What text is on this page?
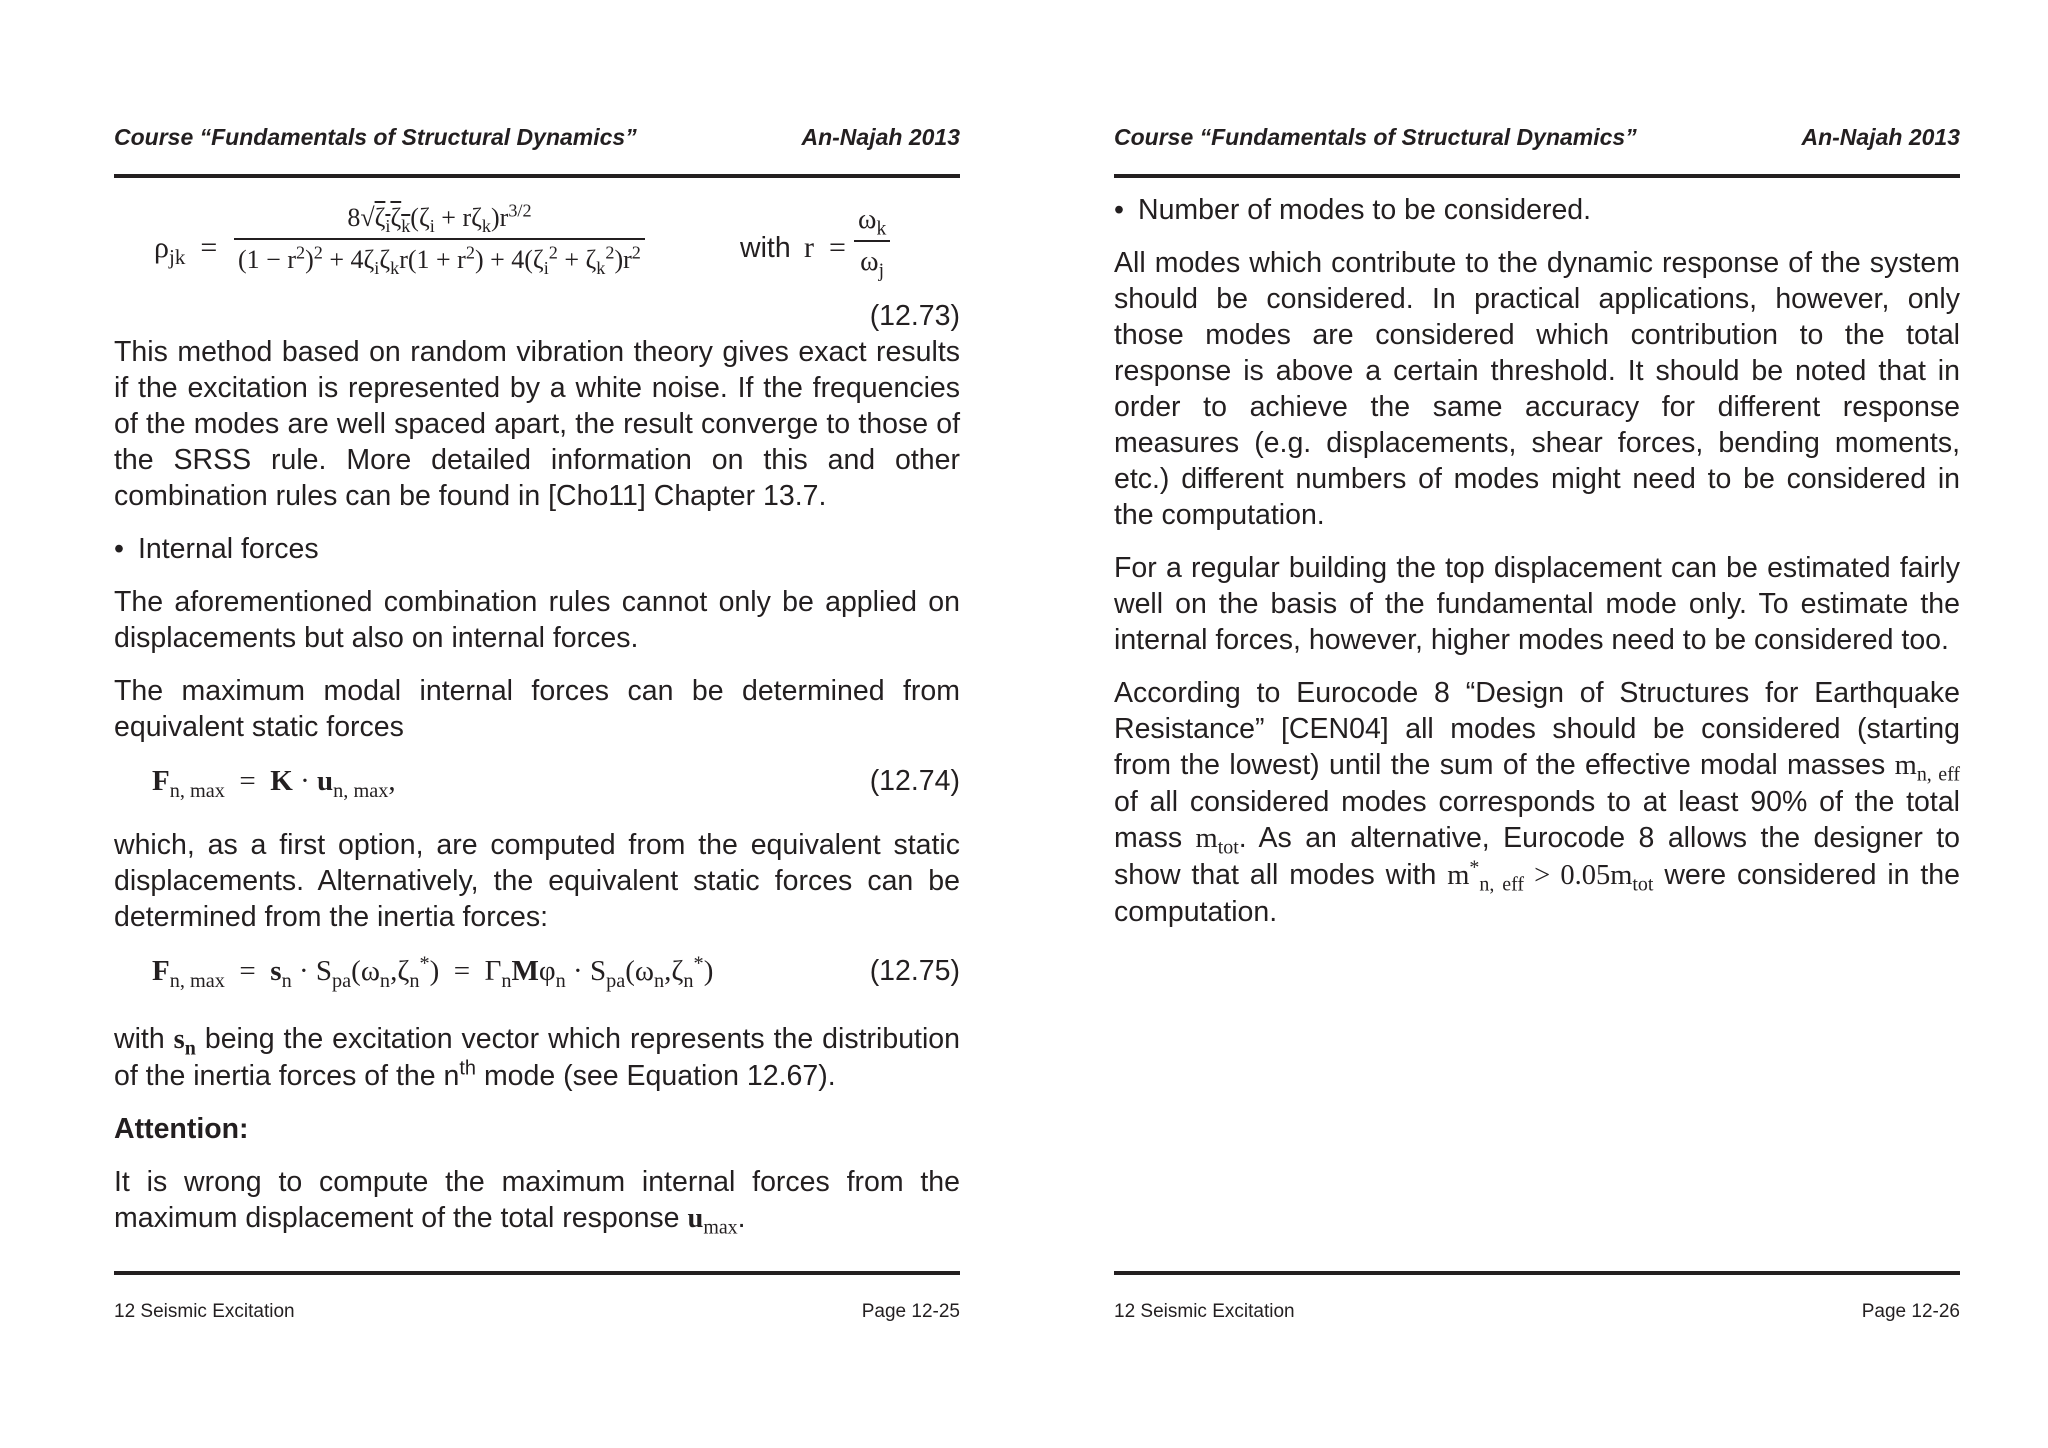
Course “Fundamentals of Structural Dynamics”	An-Najah 2013
$\rho_{jk}$  =
$8√\zeta_i\zeta_k(\zeta_i + r\zeta_k)r^{3/2}$
$(1 - r^2)^2 + 4\zeta_i\zeta_kr(1 + r^2) + 4(\zeta_i^2 + \zeta_k^2)r^2$	with $r = \frac{\omega_k}{\omega_j}$
(12.73)

This method based on random vibration theory gives exact results if the excitation is represented by a white noise. If the frequencies of the modes are well spaced apart, the result converge to those of the SRSS rule. More detailed information on this and other combination rules can be found in [Cho11] Chapter 13.7.

• Internal forces

The aforementioned combination rules cannot only be applied on displacements but also on internal forces.

The maximum modal internal forces can be determined from equivalent static forces

$F_{n, max} = K \cdot u_{n, max}$,	(12.74)

which, as a first option, are computed from the equivalent static displacements. Alternatively, the equivalent static forces can be determined from the inertia forces:

$F_{n, max} = s_n \cdot S_{pa}(\omega_n,\zeta_n^*) = \Gamma_nM\varphi_n \cdot S_{pa}(\omega_n,\zeta_n^*)$	(12.75)

with $s_n$ being the excitation vector which represents the distribution of the inertia forces of the $n^{th}$ mode (see Equation 12.67).

Attention:

It is wrong to compute the maximum internal forces from the maximum displacement of the total response $u_{max}$.

12 Seismic Excitation	Page 12-25
Course “Fundamentals of Structural Dynamics”	An-Najah 2013
• Number of modes to be considered.

All modes which contribute to the dynamic response of the system should be considered. In practical applications, however, only those modes are considered which contribution to the total response is above a certain threshold. It should be noted that in order to achieve the same accuracy for different response measures (e.g. displacements, shear forces, bending moments, etc.) different numbers of modes might need to be considered in the computation.

For a regular building the top displacement can be estimated fairly well on the basis of the fundamental mode only. To estimate the internal forces, however, higher modes need to be considered too.

According to Eurocode 8 “Design of Structures for Earthquake Resistance” [CEN04] all modes should be considered (starting from the lowest) until the sum of the effective modal masses $m_{n, eff}$ of all considered modes corresponds to at least 90% of the total mass $m_{tot}$. As an alternative, Eurocode 8 allows the designer to show that all modes with $m^*_{n, eff} > 0.05m_{tot}$ were considered in the computation.

12 Seismic Excitation	Page 12-26
